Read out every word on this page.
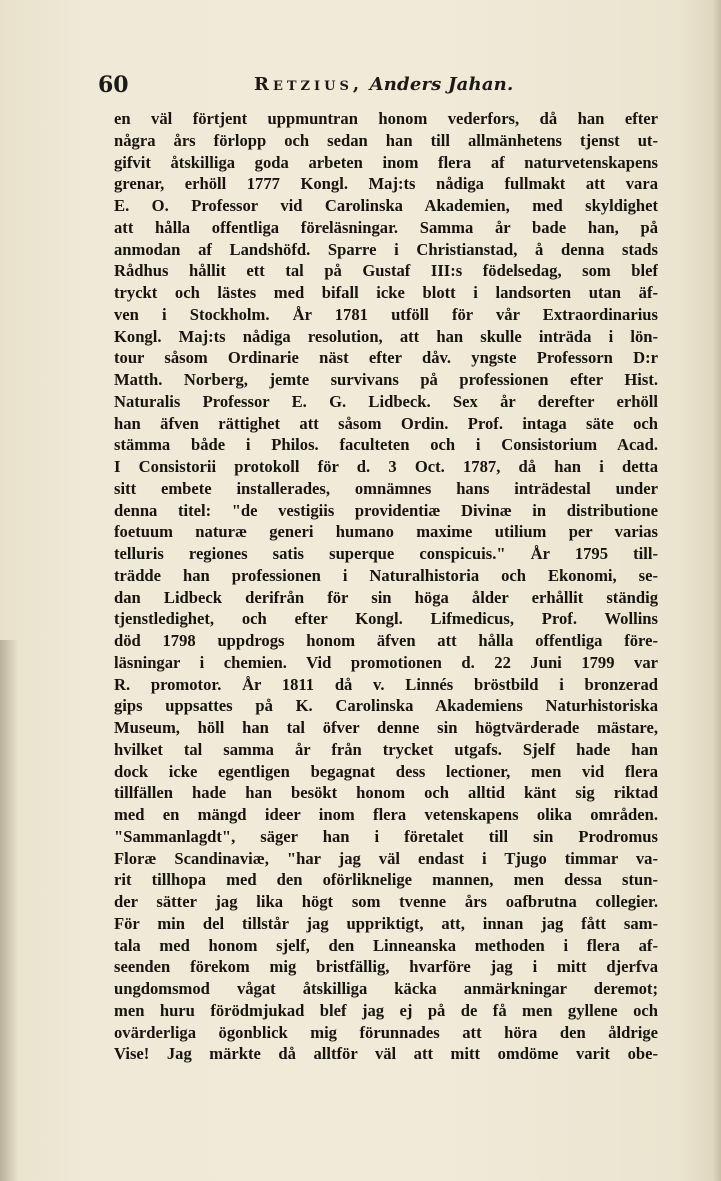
60	Retzius, Anders Jahan.
en väl förtjent uppmuntran honom vederfors, då han efter
några års förlopp och sedan han till allmänhetens tjenst ut-
gifvit åtskilliga goda arbeten inom flera af naturvetenskapens
grenar, erhöll 1777 Kongl. Maj:ts nådiga fullmakt att vara
E. O. Professor vid Carolinska Akademien, med skyldighet
att hålla offentliga föreläsningar. Samma år bade han, på
anmodan af Landshöfd. Sparre i Christianstad, å denna stads
Rådhus hållit ett tal på Gustaf III:s födelsedag, som blef
tryckt och lästes med bifall icke blott i landsorten utan äf-
ven i Stockholm. År 1781 utföll för vår Extraordinarius
Kongl. Maj:ts nådiga resolution, att han skulle inträda i lön-
tour såsom Ordinarie näst efter dåv. yngste Professorn D:r
Matth. Norberg, jemte survivans på professionen efter Hist.
Naturalis Professor E. G. Lidbeck. Sex år derefter erhöll
han äfven rättighet att såsom Ordin. Prof. intaga säte och
stämma både i Philos. faculteten och i Consistorium Acad.
I Consistorii protokoll för d. 3 Oct. 1787, då han i detta
sitt embete installerades, omnämnes hans inträdestal under
denna titel: "de vestigiis providentiæ Divinæ in distributione
foetuum naturæ generi humano maxime utilium per varias
telluris regiones satis superque conspicuis." År 1795 till-
trädde han professionen i Naturalhistoria och Ekonomi, se-
dan Lidbeck derifrån för sin höga ålder erhållit ständig
tjenstledighet, och efter Kongl. Lifmedicus, Prof. Wollins
död 1798 uppdrogs honom äfven att hålla offentliga före-
läsningar i chemien. Vid promotionen d. 22 Juni 1799 var
R. promotor. År 1811 då v. Linnés bröstbild i bronzerad
gips uppsattes på K. Carolinska Akademiens Naturhistoriska
Museum, höll han tal öfver denne sin högtvärderade mästare,
hvilket tal samma år från trycket utgafs. Sjelf hade han
dock icke egentligen begagnat dess lectioner, men vid flera
tillfällen hade han besökt honom och alltid känt sig riktad
med en mängd ideer inom flera vetenskapens olika områden.
"Sammanlagdt", säger han i företalet till sin Prodromus
Floræ Scandinaviæ, "har jag väl endast i Tjugo timmar va-
rit tillhopa med den oförliknelige mannen, men dessa stun-
der sätter jag lika högt som tvenne års oafbrutna collegier.
För min del tillstår jag uppriktigt, att, innan jag fått sam-
tala med honom sjelf, den Linneanska methoden i flera af-
seenden förekom mig bristfällig, hvarföre jag i mitt djerfva
ungdomsmod vågat åtskilliga käcka anmärkningar deremot;
men huru förödmjukad blef jag ej på de få men gyllene och
ovärderliga ögonblick mig förunnades att höra den åldrige
Vise! Jag märkte då alltför väl att mitt omdöme varit obe-
